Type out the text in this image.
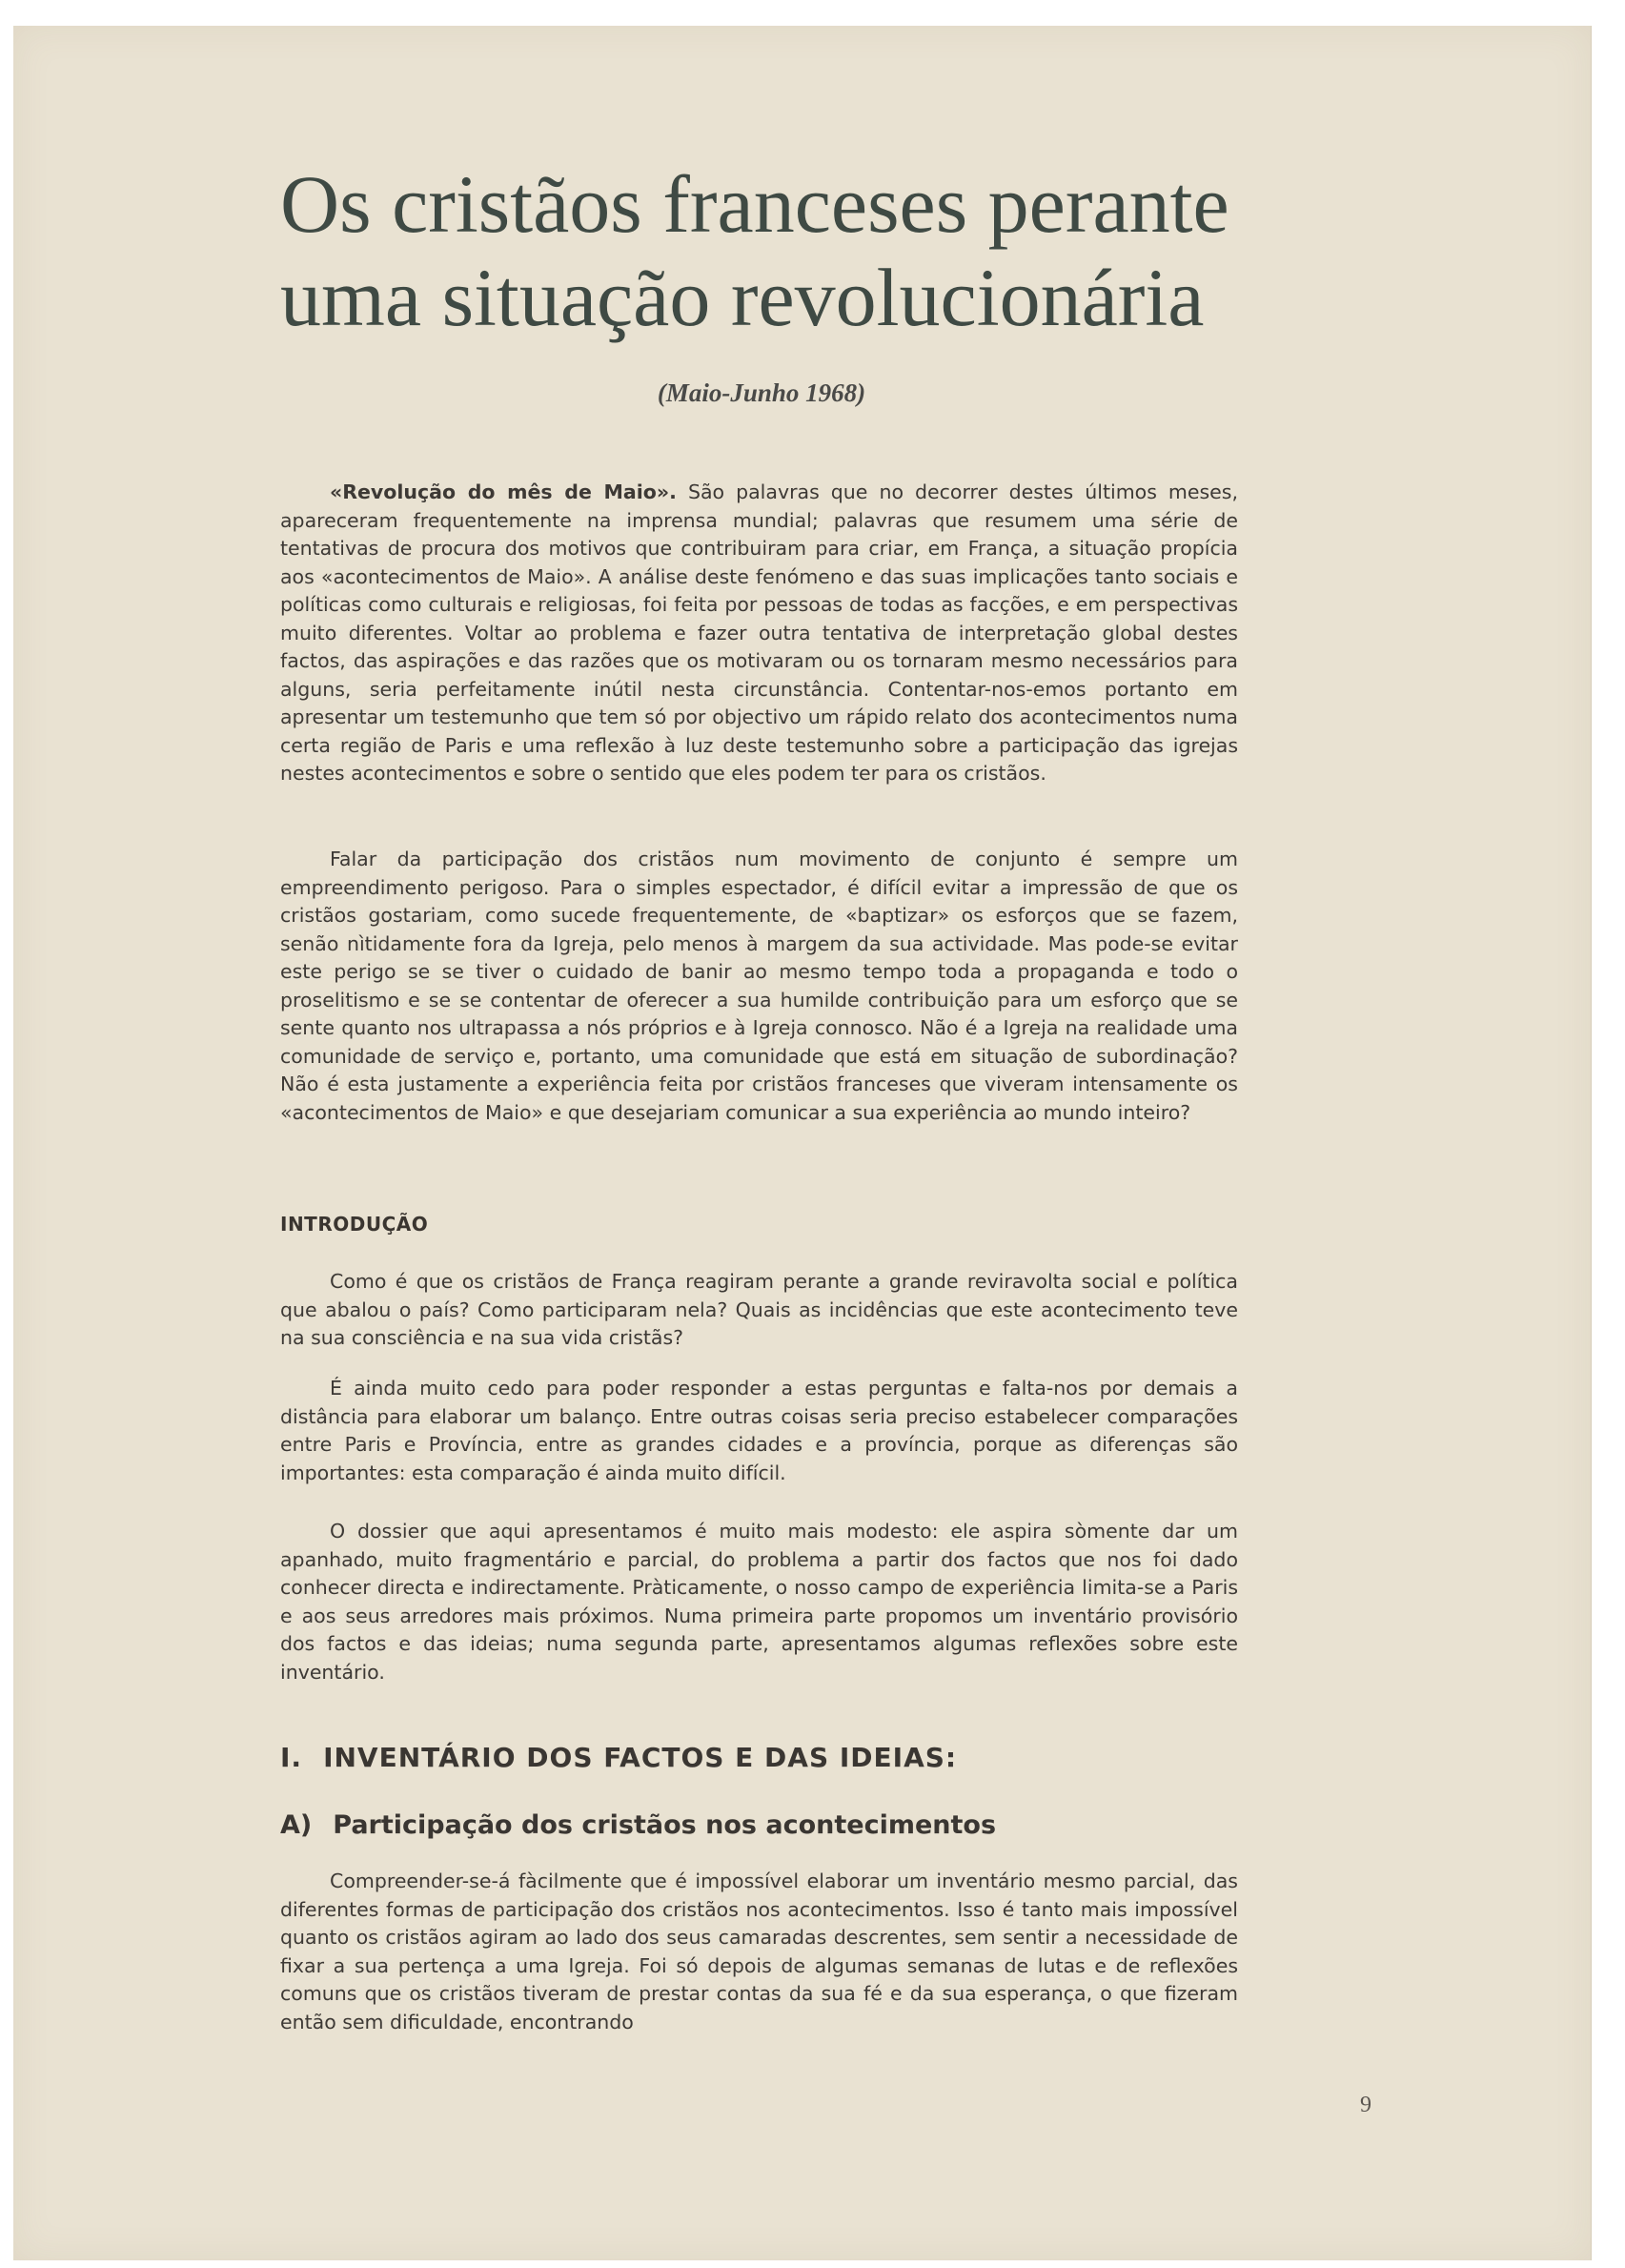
Os cristãos franceses perante
uma situação revolucionária

(Maio-Junho 1968)

«Revolução do mês de Maio». São palavras que no decorrer destes últimos meses, apareceram frequentemente na imprensa mundial; palavras que resumem uma série de tentativas de procura dos motivos que contribuiram para criar, em França, a situação propícia aos «acontecimentos de Maio». A análise deste fenómeno e das suas implicações tanto sociais e políticas como culturais e religiosas, foi feita por pessoas de todas as facções, e em perspectivas muito diferentes. Voltar ao problema e fazer outra tentativa de interpretação global destes factos, das aspirações e das razões que os motivaram ou os tornaram mesmo necessários para alguns, seria perfeitamente inútil nesta circunstância. Contentar-nos-emos portanto em apresentar um testemunho que tem só por objectivo um rápido relato dos acontecimentos numa certa região de Paris e uma reflexão à luz deste testemunho sobre a participação das igrejas nestes acontecimentos e sobre o sentido que eles podem ter para os cristãos.

Falar da participação dos cristãos num movimento de conjunto é sempre um empreendimento perigoso. Para o simples espectador, é difícil evitar a impressão de que os cristãos gostariam, como sucede frequentemente, de «baptizar» os esforços que se fazem, senão nìtidamente fora da Igreja, pelo menos à margem da sua actividade. Mas pode-se evitar este perigo se se tiver o cuidado de banir ao mesmo tempo toda a propaganda e todo o proselitismo e se se contentar de oferecer a sua humilde contribuição para um esforço que se sente quanto nos ultrapassa a nós próprios e à Igreja connosco. Não é a Igreja na realidade uma comunidade de serviço e, portanto, uma comunidade que está em situação de subordinação? Não é esta justamente a experiência feita por cristãos franceses que viveram intensamente os «acontecimentos de Maio» e que desejariam comunicar a sua experiência ao mundo inteiro?

INTRODUÇÃO

Como é que os cristãos de França reagiram perante a grande reviravolta social e política que abalou o país? Como participaram nela? Quais as incidências que este acontecimento teve na sua consciência e na sua vida cristãs?

É ainda muito cedo para poder responder a estas perguntas e falta-nos por demais a distância para elaborar um balanço. Entre outras coisas seria preciso estabelecer comparações entre Paris e Província, entre as grandes cidades e a província, porque as diferenças são importantes: esta comparação é ainda muito difícil.

O dossier que aqui apresentamos é muito mais modesto: ele aspira sòmente dar um apanhado, muito fragmentário e parcial, do problema a partir dos factos que nos foi dado conhecer directa e indirectamente. Pràticamente, o nosso campo de experiência limita-se a Paris e aos seus arredores mais próximos. Numa primeira parte propomos um inventário provisório dos factos e das ideias; numa segunda parte, apresentamos algumas reflexões sobre este inventário.

I. INVENTÁRIO DOS FACTOS E DAS IDEIAS:
A) Participação dos cristãos nos acontecimentos

Compreender-se-á fàcilmente que é impossível elaborar um inventário mesmo parcial, das diferentes formas de participação dos cristãos nos acontecimentos. Isso é tanto mais impossível quanto os cristãos agiram ao lado dos seus camaradas descrentes, sem sentir a necessidade de fixar a sua pertença a uma Igreja. Foi só depois de algumas semanas de lutas e de reflexões comuns que os cristãos tiveram de prestar contas da sua fé e da sua esperança, o que fizeram então sem dificuldade, encontrando

9
